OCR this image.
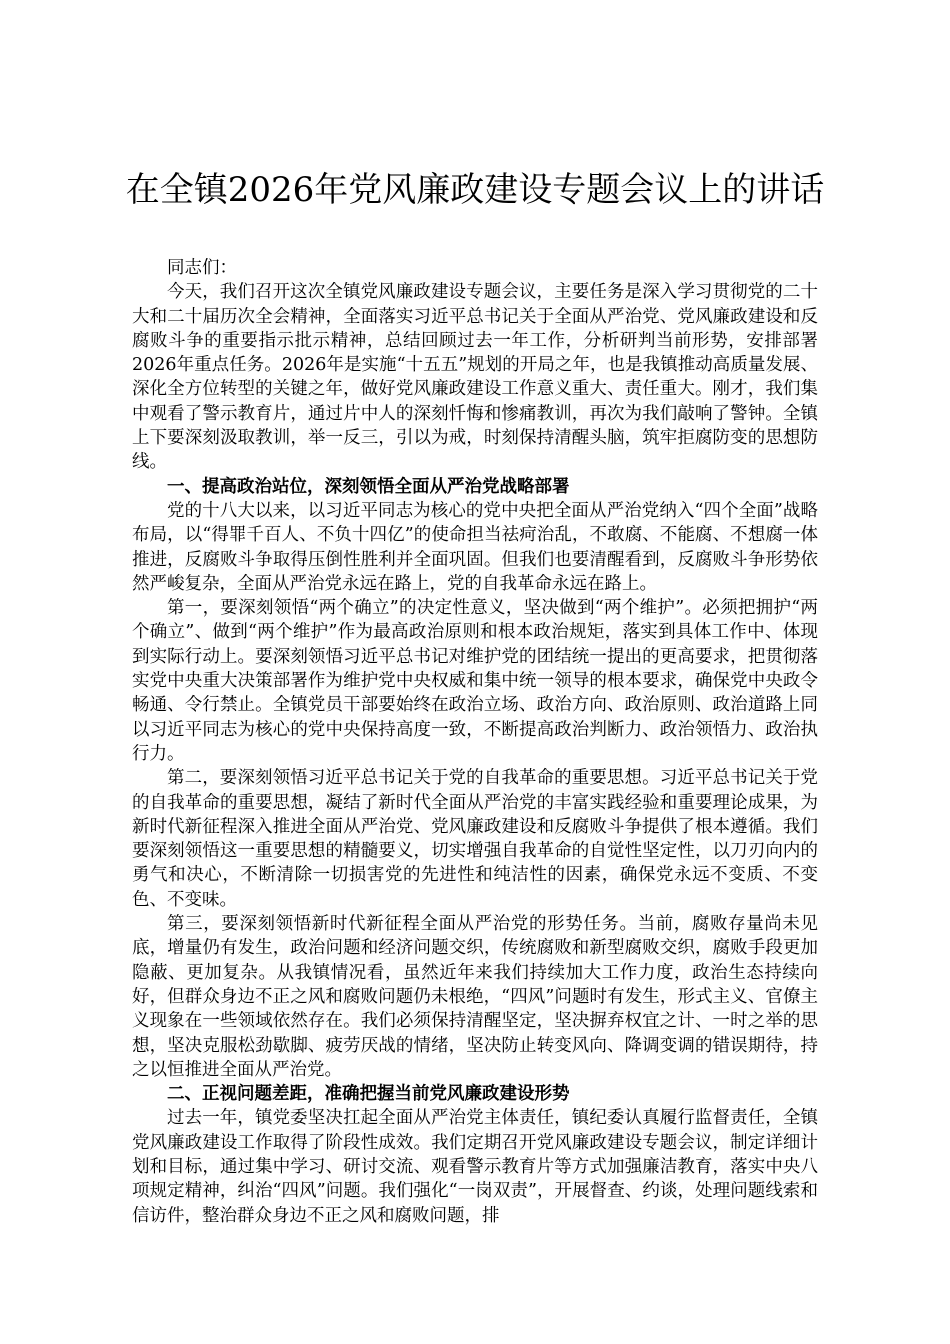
在全镇2026年党风廉政建设专题会议上的讲话

同志们：

今天，我们召开这次全镇党风廉政建设专题会议，主要任务是深入学习贯彻党的二十大和二十届历次全会精神，全面落实习近平总书记关于全面从严治党、党风廉政建设和反腐败斗争的重要指示批示精神，总结回顾过去一年工作，分析研判当前形势，安排部署2026年重点任务。2026年是实施“十五五”规划的开局之年，也是我镇推动高质量发展、深化全方位转型的关键之年，做好党风廉政建设工作意义重大、责任重大。刚才，我们集中观看了警示教育片，通过片中人的深刻忏悔和惨痛教训，再次为我们敲响了警钟。全镇上下要深刻汲取教训，举一反三，引以为戒，时刻保持清醒头脑，筑牢拒腐防变的思想防线。

一、提高政治站位，深刻领悟全面从严治党战略部署

党的十八大以来，以习近平同志为核心的党中央把全面从严治党纳入“四个全面”战略布局，以“得罪千百人、不负十四亿”的使命担当祛疴治乱，不敢腐、不能腐、不想腐一体推进，反腐败斗争取得压倒性胜利并全面巩固。但我们也要清醒看到，反腐败斗争形势依然严峻复杂，全面从严治党永远在路上，党的自我革命永远在路上。

第一，要深刻领悟“两个确立”的决定性意义，坚决做到“两个维护”。必须把拥护“两个确立”、做到“两个维护”作为最高政治原则和根本政治规矩，落实到具体工作中、体现到实际行动上。要深刻领悟习近平总书记对维护党的团结统一提出的更高要求，把贯彻落实党中央重大决策部署作为维护党中央权威和集中统一领导的根本要求，确保党中央政令畅通、令行禁止。全镇党员干部要始终在政治立场、政治方向、政治原则、政治道路上同以习近平同志为核心的党中央保持高度一致，不断提高政治判断力、政治领悟力、政治执行力。

第二，要深刻领悟习近平总书记关于党的自我革命的重要思想。习近平总书记关于党的自我革命的重要思想，凝结了新时代全面从严治党的丰富实践经验和重要理论成果，为新时代新征程深入推进全面从严治党、党风廉政建设和反腐败斗争提供了根本遵循。我们要深刻领悟这一重要思想的精髓要义，切实增强自我革命的自觉性坚定性，以刀刃向内的勇气和决心，不断清除一切损害党的先进性和纯洁性的因素，确保党永远不变质、不变色、不变味。

第三，要深刻领悟新时代新征程全面从严治党的形势任务。当前，腐败存量尚未见底，增量仍有发生，政治问题和经济问题交织，传统腐败和新型腐败交织，腐败手段更加隐蔽、更加复杂。从我镇情况看，虽然近年来我们持续加大工作力度，政治生态持续向好，但群众身边不正之风和腐败问题仍未根绝，“四风”问题时有发生，形式主义、官僚主义现象在一些领域依然存在。我们必须保持清醒坚定，坚决摒弃权宜之计、一时之举的思想，坚决克服松劲歇脚、疲劳厌战的情绪，坚决防止转变风向、降调变调的错误期待，持之以恒推进全面从严治党。

二、正视问题差距，准确把握当前党风廉政建设形势

过去一年，镇党委坚决扛起全面从严治党主体责任，镇纪委认真履行监督责任，全镇党风廉政建设工作取得了阶段性成效。我们定期召开党风廉政建设专题会议，制定详细计划和目标，通过集中学习、研讨交流、观看警示教育片等方式加强廉洁教育，落实中央八项规定精神，纠治“四风”问题。我们强化“一岗双责”，开展督查、约谈，处理问题线索和信访件，整治群众身边不正之风和腐败问题，排
